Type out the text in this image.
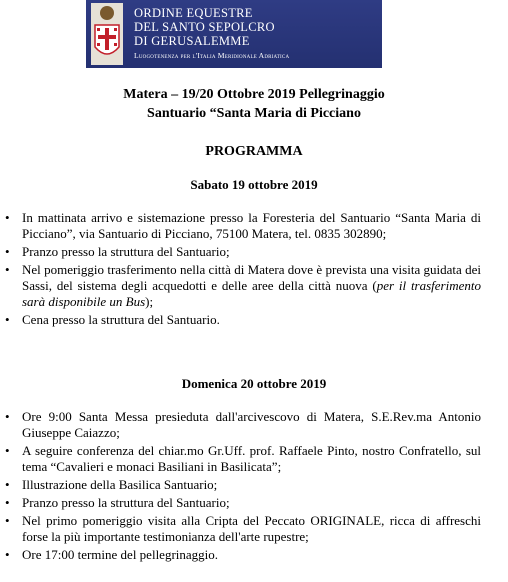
ORDINE EQUESTRE
DEL SANTO SEPOLCRO
DI GERUSALEMME
Luogotenenza per l'Italia Meridionale Adriatica
Matera – 19/20 Ottobre 2019 Pellegrinaggio
Santuario “Santa Maria di Picciano
PROGRAMMA
Sabato 19 ottobre 2019
• In mattinata arrivo e sistemazione presso la Foresteria del Santuario “Santa Maria di Picciano”, via Santuario di Picciano, 75100 Matera, tel. 0835 302890;
• Pranzo presso la struttura del Santuario;
• Nel pomeriggio trasferimento nella città di Matera dove è prevista una visita guidata dei Sassi, del sistema degli acquedotti e delle aree della città nuova (per il trasferimento sarà disponibile un Bus);
• Cena presso la struttura del Santuario.
Domenica 20 ottobre 2019
• Ore 9:00 Santa Messa presieduta dall'arcivescovo di Matera, S.E.Rev.ma Antonio Giuseppe Caiazzo;
• A seguire conferenza del chiar.mo Gr.Uff. prof. Raffaele Pinto, nostro Confratello, sul tema “Cavalieri e monaci Basiliani in Basilicata”;
• Illustrazione della Basilica Santuario;
• Pranzo presso la struttura del Santuario;
• Nel primo pomeriggio visita alla Cripta del Peccato ORIGINALE, ricca di affreschi forse la più importante testimonianza dell'arte rupestre;
• Ore 17:00 termine del pellegrinaggio.
